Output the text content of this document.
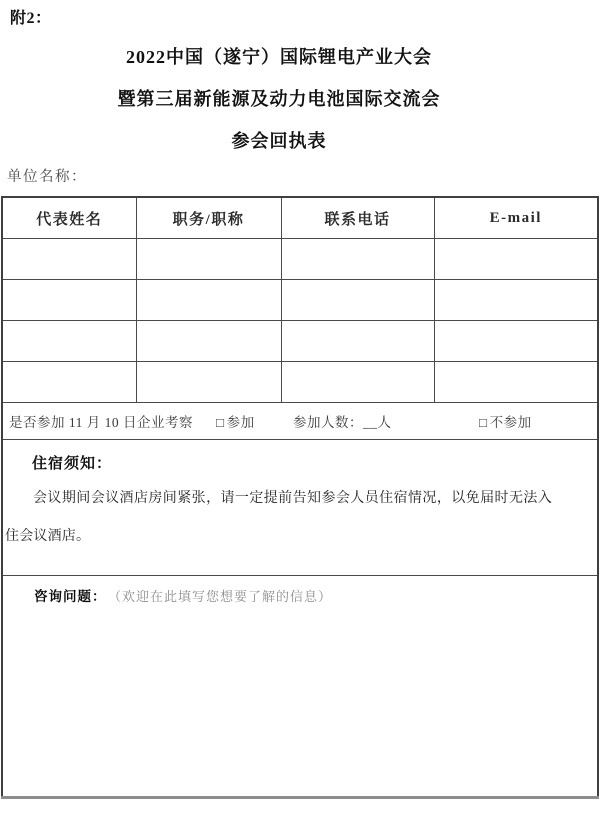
附2：
2022中国（遂宁）国际锂电产业大会
暨第三届新能源及动力电池国际交流会
参会回执表
单位名称：
代表姓名	职务/职称	联系电话	E-mail

是否参加 11 月 10 日企业考察 □ 参加 参加人数：__人 □ 不参加			

住宿须知：
会议期间会议酒店房间紧张，请一定提前告知参会人员住宿情况，以免届时无法入住会议酒店。			

咨询问题： （欢迎在此填写您想要了解的信息）			
